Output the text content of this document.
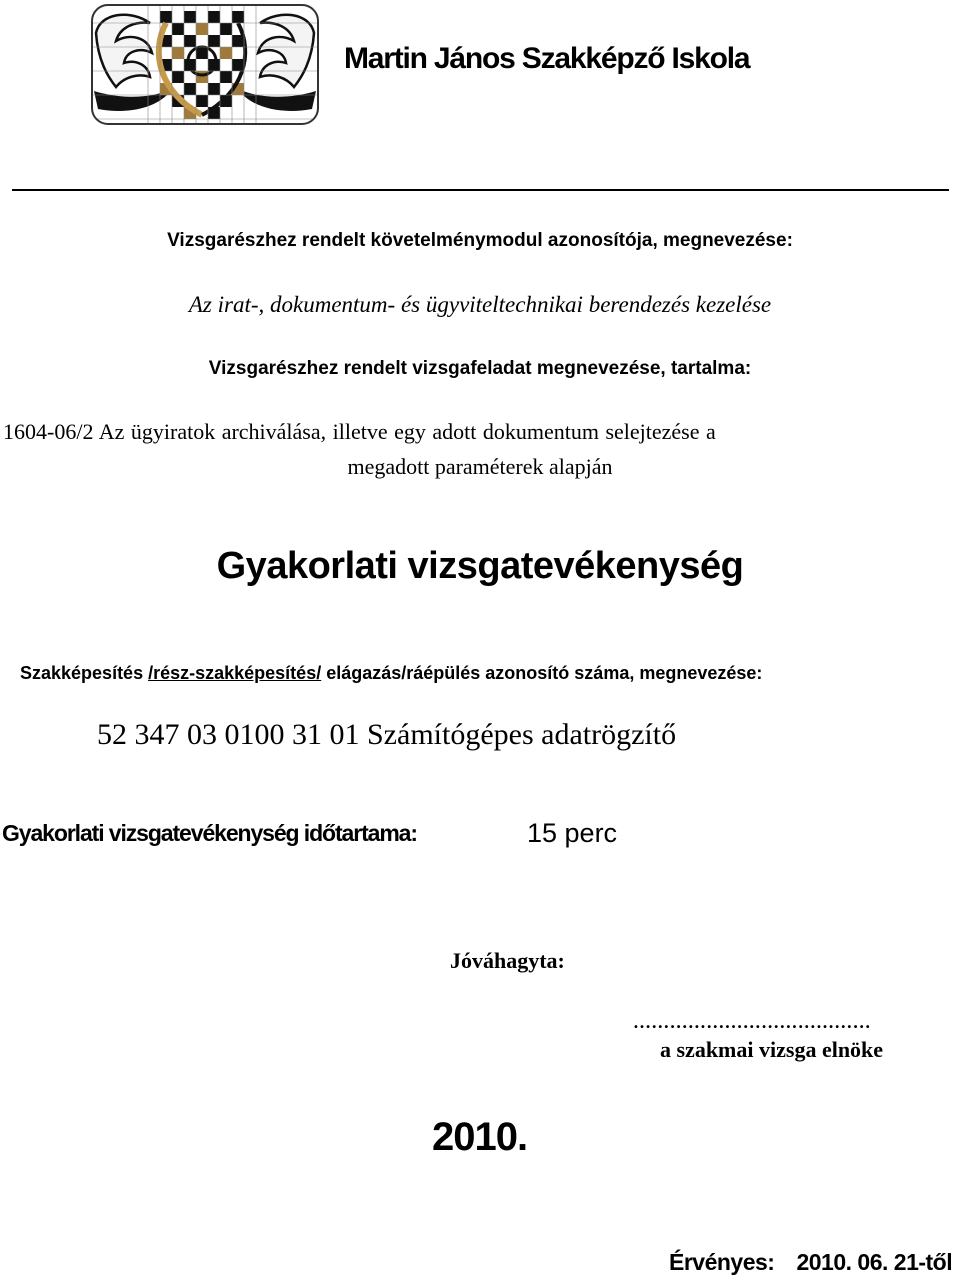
Martin János Szakképző Iskola
Vizsgarészhez rendelt követelménymodul azonosítója, megnevezése:
Az irat-, dokumentum- és ügyviteltechnikai berendezés kezelése
Vizsgarészhez rendelt vizsgafeladat megnevezése, tartalma:
1604-06/2 Az ügyiratok archiválása, illetve egy adott dokumentum selejtezése a
megadott paraméterek alapján
Gyakorlati vizsgatevékenység
Szakképesítés /rész-szakképesítés/ elágazás/ráépülés azonosító száma, megnevezése:
52 347 03 0100 31 01 Számítógépes adatrögzítő
Gyakorlati vizsgatevékenység időtartama:	15 perc
Jóváhagyta:
…………………………………
a szakmai vizsga elnöke
2010.
Érvényes: 2010. 06. 21-től
